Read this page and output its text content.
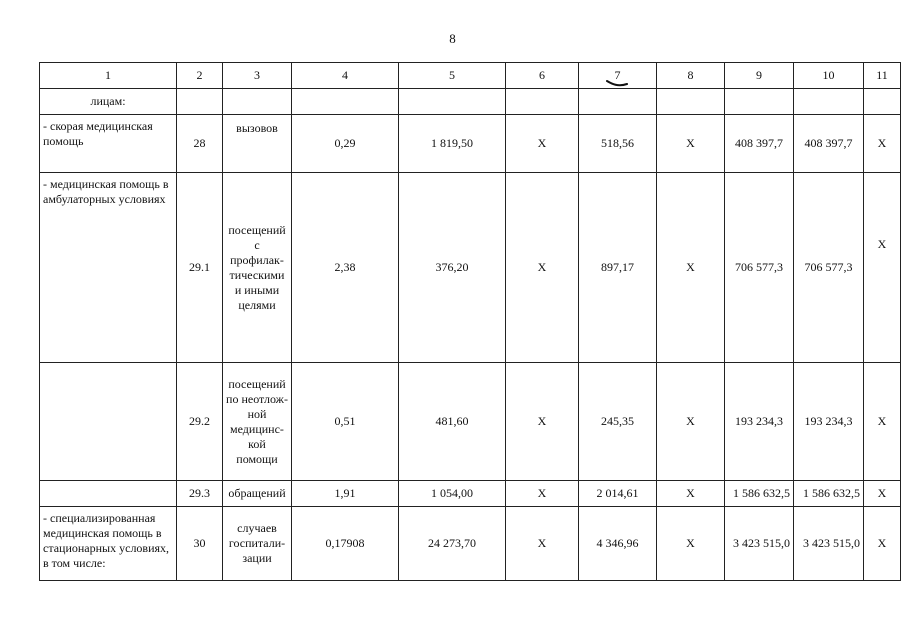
8
1	2	3	4	5	6	7	8	9	10	11
лицам:										
- скорая медицинская помощь	28	вызовов	0,29	1 819,50	X	518,56	X	408 397,7	408 397,7	X
- медицинская помощь в амбулаторных условиях	29.1	посещений с профилак-тическими и иными целями	2,38	376,20	X	897,17	X	706 577,3	706 577,3	X
	29.2	посещений по неотлож-ной медицинс-кой помощи	0,51	481,60	X	245,35	X	193 234,3	193 234,3	X
	29.3	обращений	1,91	1 054,00	X	2 014,61	X	1 586 632,5	1 586 632,5	X
- специализированная медицинская помощь в стационарных условиях, в том числе:	30	случаев госпитали-зации	0,17908	24 273,70	X	4 346,96	X	3 423 515,0	3 423 515,0	X
